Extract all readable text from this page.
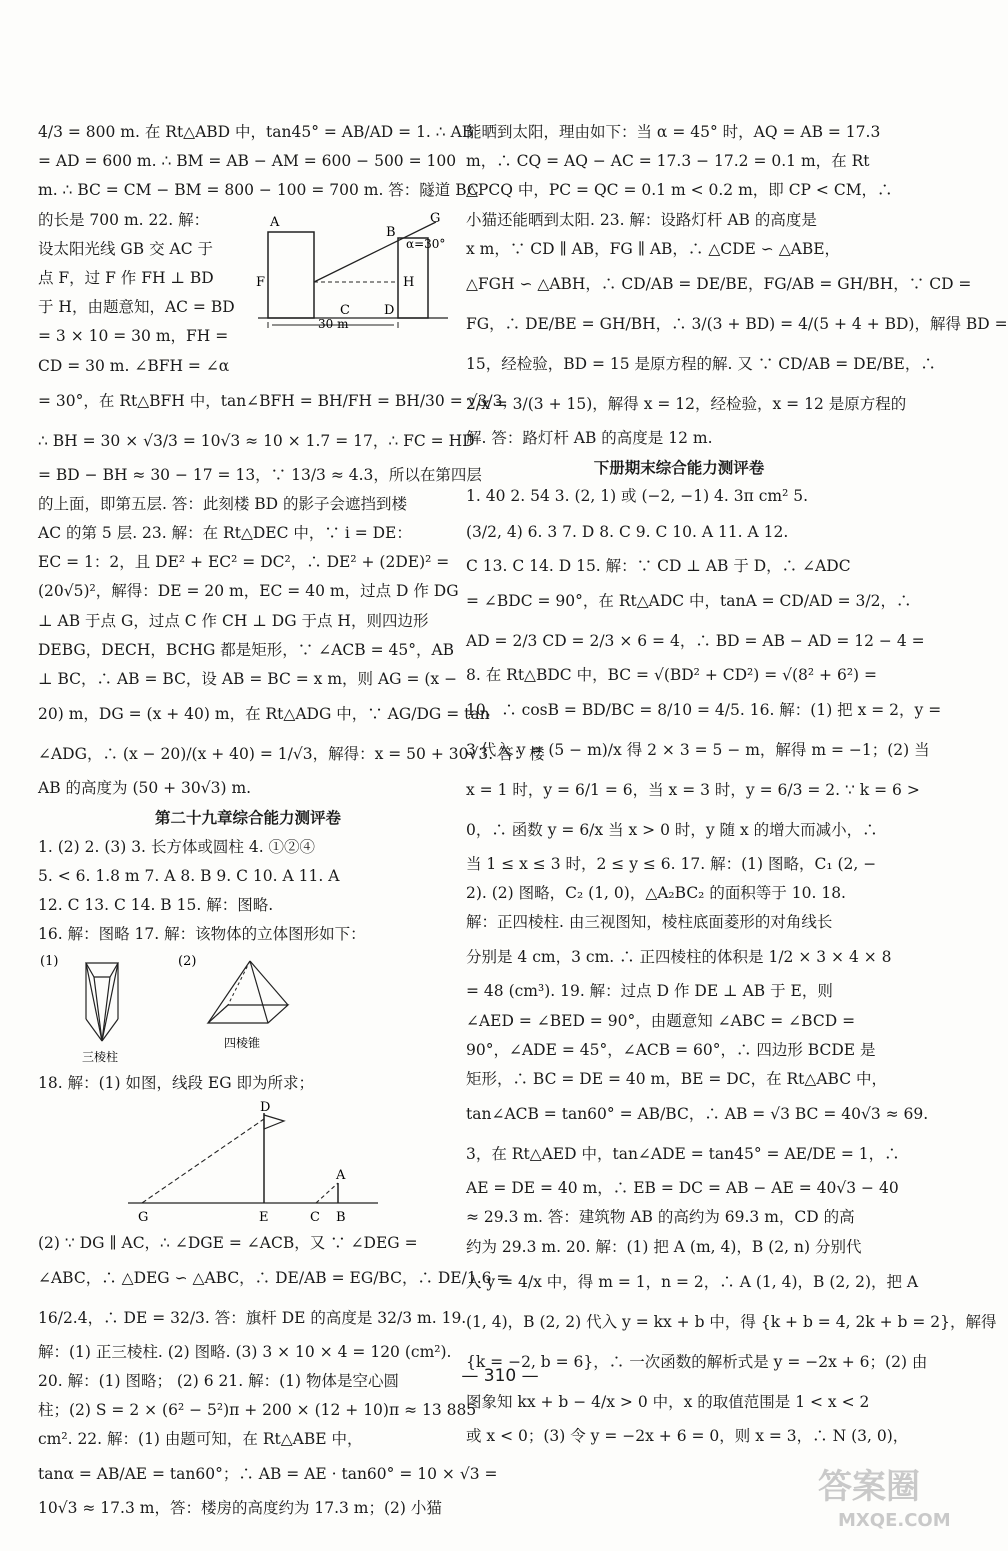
4/3 = 800 m. 在 Rt△ABD 中，tan45° = AB/AD = 1. ∴ AB
= AD = 600 m. ∴ BM = AB − AM = 600 − 500 = 100
m. ∴ BC = CM − BM = 800 − 100 = 700 m. 答：隧道 BC
A
B
G
F	H
C	D
α=30°
30 m
的长是 700 m. 22. 解：
设太阳光线 GB 交 AC 于
点 F，过 F 作 FH ⊥ BD
于 H，由题意知，AC = BD
= 3 × 10 = 30 m，FH =
CD = 30 m. ∠BFH = ∠α
= 30°，在 Rt△BFH 中，tan∠BFH = BH/FH = BH/30 = √3/3，
∴ BH = 30 × √3/3 = 10√3 ≈ 10 × 1.7 = 17，∴ FC = HD
= BD − BH ≈ 30 − 17 = 13，∵ 13/3 ≈ 4.3，所以在第四层
的上面，即第五层. 答：此刻楼 BD 的影子会遮挡到楼
AC 的第 5 层. 23. 解：在 Rt△DEC 中，∵ i = DE：
EC = 1：2，且 DE² + EC² = DC²，∴ DE² + (2DE)² =
(20√5)²，解得：DE = 20 m，EC = 40 m，过点 D 作 DG
⊥ AB 于点 G，过点 C 作 CH ⊥ DG 于点 H，则四边形
DEBG，DECH，BCHG 都是矩形，∵ ∠ACB = 45°，AB
⊥ BC，∴ AB = BC，设 AB = BC = x m，则 AG = (x −
20) m，DG = (x + 40) m，在 Rt△ADG 中，∵ AG/DG = tan
∠ADG，∴ (x − 20)/(x + 40) = 1/√3，解得：x = 50 + 30√3. 答：楼
AB 的高度为 (50 + 30√3) m.
第二十九章综合能力测评卷
1. (2) 2. (3) 3. 长方体或圆柱 4. ①②④
5. < 6. 1.8 m 7. A 8. B 9. C 10. A 11. A
12. C 13. C 14. B 15. 解：图略.
16. 解：图略 17. 解：该物体的立体图形如下：
(1)	(2)
三棱柱
四棱锥
18. 解：(1) 如图，线段 EG 即为所求；
D
A
G	E	C B
(2) ∵ DG ∥ AC，∴ ∠DGE = ∠ACB，又 ∵ ∠DEG =
∠ABC，∴ △DEG ∽ △ABC，∴ DE/AB = EG/BC，∴ DE/1.6 =
16/2.4，∴ DE = 32/3. 答：旗杆 DE 的高度是 32/3 m. 19.
解：(1) 正三棱柱. (2) 图略. (3) 3 × 10 × 4 = 120 (cm²).
20. 解：(1) 图略； (2) 6 21. 解：(1) 物体是空心圆
柱；(2) S = 2 × (6² − 5²)π + 200 × (12 + 10)π ≈ 13 885
cm². 22. 解：(1) 由题可知，在 Rt△ABE 中，
tanα = AB/AE = tan60°；∴ AB = AE · tan60° = 10 × √3 =
10√3 ≈ 17.3 m，答：楼房的高度约为 17.3 m；(2) 小猫
能晒到太阳，理由如下：当 α = 45° 时，AQ = AB = 17.3
m，∴ CQ = AQ − AC = 17.3 − 17.2 = 0.1 m，在 Rt
△PCQ 中，PC = QC = 0.1 m < 0.2 m，即 CP < CM，∴
小猫还能晒到太阳. 23. 解：设路灯杆 AB 的高度是
x m，∵ CD ∥ AB，FG ∥ AB，∴ △CDE ∽ △ABE，
△FGH ∽ △ABH，∴ CD/AB = DE/BE，FG/AB = GH/BH，∵ CD =
FG，∴ DE/BE = GH/BH，∴ 3/(3 + BD) = 4/(5 + 4 + BD)，解得 BD =
15，经检验，BD = 15 是原方程的解. 又 ∵ CD/AB = DE/BE，∴
2/x = 3/(3 + 15)，解得 x = 12，经检验，x = 12 是原方程的
解. 答：路灯杆 AB 的高度是 12 m.
下册期末综合能力测评卷
1. 40 2. 54 3. (2, 1) 或 (−2, −1) 4. 3π cm² 5.
(3/2, 4) 6. 3 7. D 8. C 9. C 10. A 11. A 12.
C 13. C 14. D 15. 解：∵ CD ⊥ AB 于 D，∴ ∠ADC
= ∠BDC = 90°，在 Rt△ADC 中，tanA = CD/AD = 3/2，∴
AD = 2/3 CD = 2/3 × 6 = 4，∴ BD = AB − AD = 12 − 4 =
8. 在 Rt△BDC 中，BC = √(BD² + CD²) = √(8² + 6²) =
10，∴ cosB = BD/BC = 8/10 = 4/5. 16. 解：(1) 把 x = 2，y =
3 代入 y = (5 − m)/x 得 2 × 3 = 5 − m，解得 m = −1；(2) 当
x = 1 时，y = 6/1 = 6，当 x = 3 时，y = 6/3 = 2. ∵ k = 6 >
0，∴ 函数 y = 6/x 当 x > 0 时，y 随 x 的增大而减小，∴
当 1 ≤ x ≤ 3 时，2 ≤ y ≤ 6. 17. 解：(1) 图略，C₁ (2, −
2). (2) 图略，C₂ (1, 0)，△A₂BC₂ 的面积等于 10. 18.
解：正四棱柱. 由三视图知，棱柱底面菱形的对角线长
分别是 4 cm，3 cm. ∴ 正四棱柱的体积是 1/2 × 3 × 4 × 8
= 48 (cm³). 19. 解：过点 D 作 DE ⊥ AB 于 E，则
∠AED = ∠BED = 90°，由题意知 ∠ABC = ∠BCD =
90°，∠ADE = 45°，∠ACB = 60°，∴ 四边形 BCDE 是
矩形，∴ BC = DE = 40 m，BE = DC，在 Rt△ABC 中，
tan∠ACB = tan60° = AB/BC，∴ AB = √3 BC = 40√3 ≈ 69.
3，在 Rt△AED 中，tan∠ADE = tan45° = AE/DE = 1，∴
AE = DE = 40 m，∴ EB = DC = AB − AE = 40√3 − 40
≈ 29.3 m. 答：建筑物 AB 的高约为 69.3 m，CD 的高
约为 29.3 m. 20. 解：(1) 把 A (m, 4)，B (2, n) 分别代
入 y = 4/x 中，得 m = 1，n = 2，∴ A (1, 4)，B (2, 2)，把 A
(1, 4)，B (2, 2) 代入 y = kx + b 中，得 {k + b = 4, 2k + b = 2}，解得
{k = −2, b = 6}，∴ 一次函数的解析式是 y = −2x + 6；(2) 由
图象知 kx + b − 4/x > 0 中，x 的取值范围是 1 < x < 2
或 x < 0；(3) 令 y = −2x + 6 = 0，则 x = 3，∴ N (3, 0)，
— 310 —
答案圈
MXQE.COM
